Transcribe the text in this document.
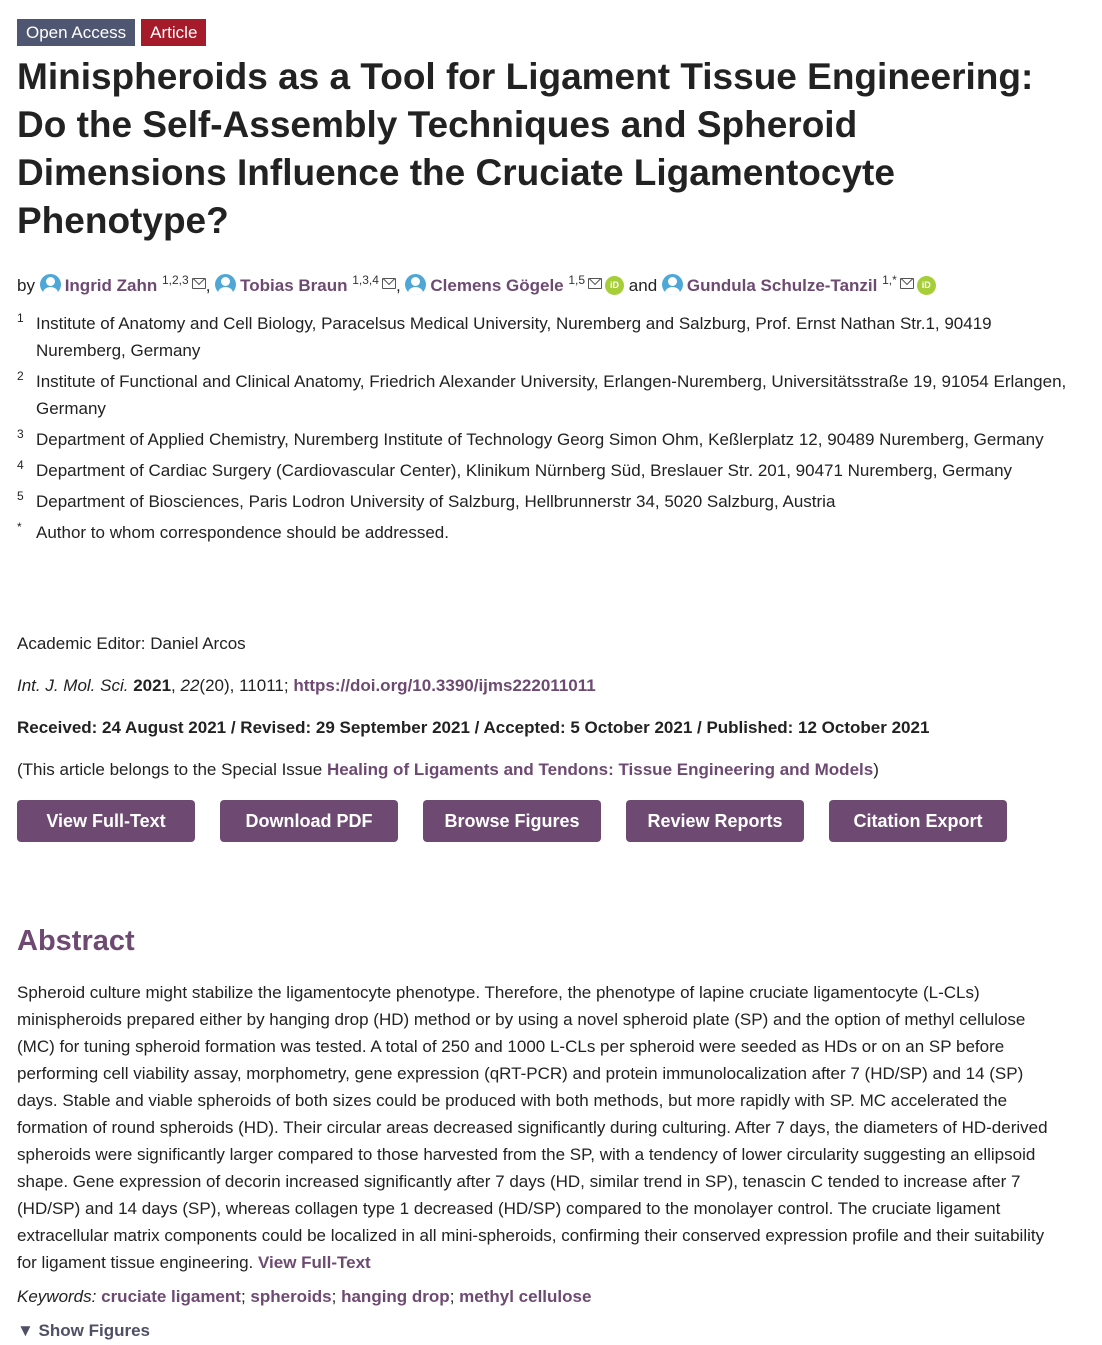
Open Access	Article
Minispheroids as a Tool for Ligament Tissue Engineering: Do the Self-Assembly Techniques and Spheroid Dimensions Influence the Cruciate Ligamentocyte Phenotype?
by Ingrid Zahn $^{1,2,3}$ , Tobias Braun $^{1,3,4}$ , Clemens Gögele $^{1,5}$	iD and Gundula Schulze-Tanzil $^{1,*}$	iD
1 Institute of Anatomy and Cell Biology, Paracelsus Medical University, Nuremberg and Salzburg, Prof. Ernst Nathan Str.1, 90419 Nuremberg, Germany
2 Institute of Functional and Clinical Anatomy, Friedrich Alexander University, Erlangen-Nuremberg, Universitätsstraße 19, 91054 Erlangen, Germany
3 Department of Applied Chemistry, Nuremberg Institute of Technology Georg Simon Ohm, Keßlerplatz 12, 90489 Nuremberg, Germany
4 Department of Cardiac Surgery (Cardiovascular Center), Klinikum Nürnberg Süd, Breslauer Str. 201, 90471 Nuremberg, Germany
5 Department of Biosciences, Paris Lodron University of Salzburg, Hellbrunnerstr 34, 5020 Salzburg, Austria
* Author to whom correspondence should be addressed.
Academic Editor: Daniel Arcos
Int. J. Mol. Sci. 2021, 22(20), 11011; https://doi.org/10.3390/ijms222011011
Received: 24 August 2021 / Revised: 29 September 2021 / Accepted: 5 October 2021 / Published: 12 October 2021
(This article belongs to the Special Issue Healing of Ligaments and Tendons: Tissue Engineering and Models)
View Full-Text	Download PDF	Browse Figures	Review Reports	Citation Export
Abstract

Spheroid culture might stabilize the ligamentocyte phenotype. Therefore, the phenotype of lapine cruciate ligamentocyte (L-CLs) minispheroids prepared either by hanging drop (HD) method or by using a novel spheroid plate (SP) and the option of methyl cellulose (MC) for tuning spheroid formation was tested. A total of 250 and 1000 L-CLs per spheroid were seeded as HDs or on an SP before performing cell viability assay, morphometry, gene expression (qRT-PCR) and protein immunolocalization after 7 (HD/SP) and 14 (SP) days. Stable and viable spheroids of both sizes could be produced with both methods, but more rapidly with SP. MC accelerated the formation of round spheroids (HD). Their circular areas decreased significantly during culturing. After 7 days, the diameters of HD-derived spheroids were significantly larger compared to those harvested from the SP, with a tendency of lower circularity suggesting an ellipsoid shape. Gene expression of decorin increased significantly after 7 days (HD, similar trend in SP), tenascin C tended to increase after 7 (HD/SP) and 14 days (SP), whereas collagen type 1 decreased (HD/SP) compared to the monolayer control. The cruciate ligament extracellular matrix components could be localized in all mini-spheroids, confirming their conserved expression profile and their suitability for ligament tissue engineering. View Full-Text

Keywords: cruciate ligament; spheroids; hanging drop; methyl cellulose
▼ Show Figures
